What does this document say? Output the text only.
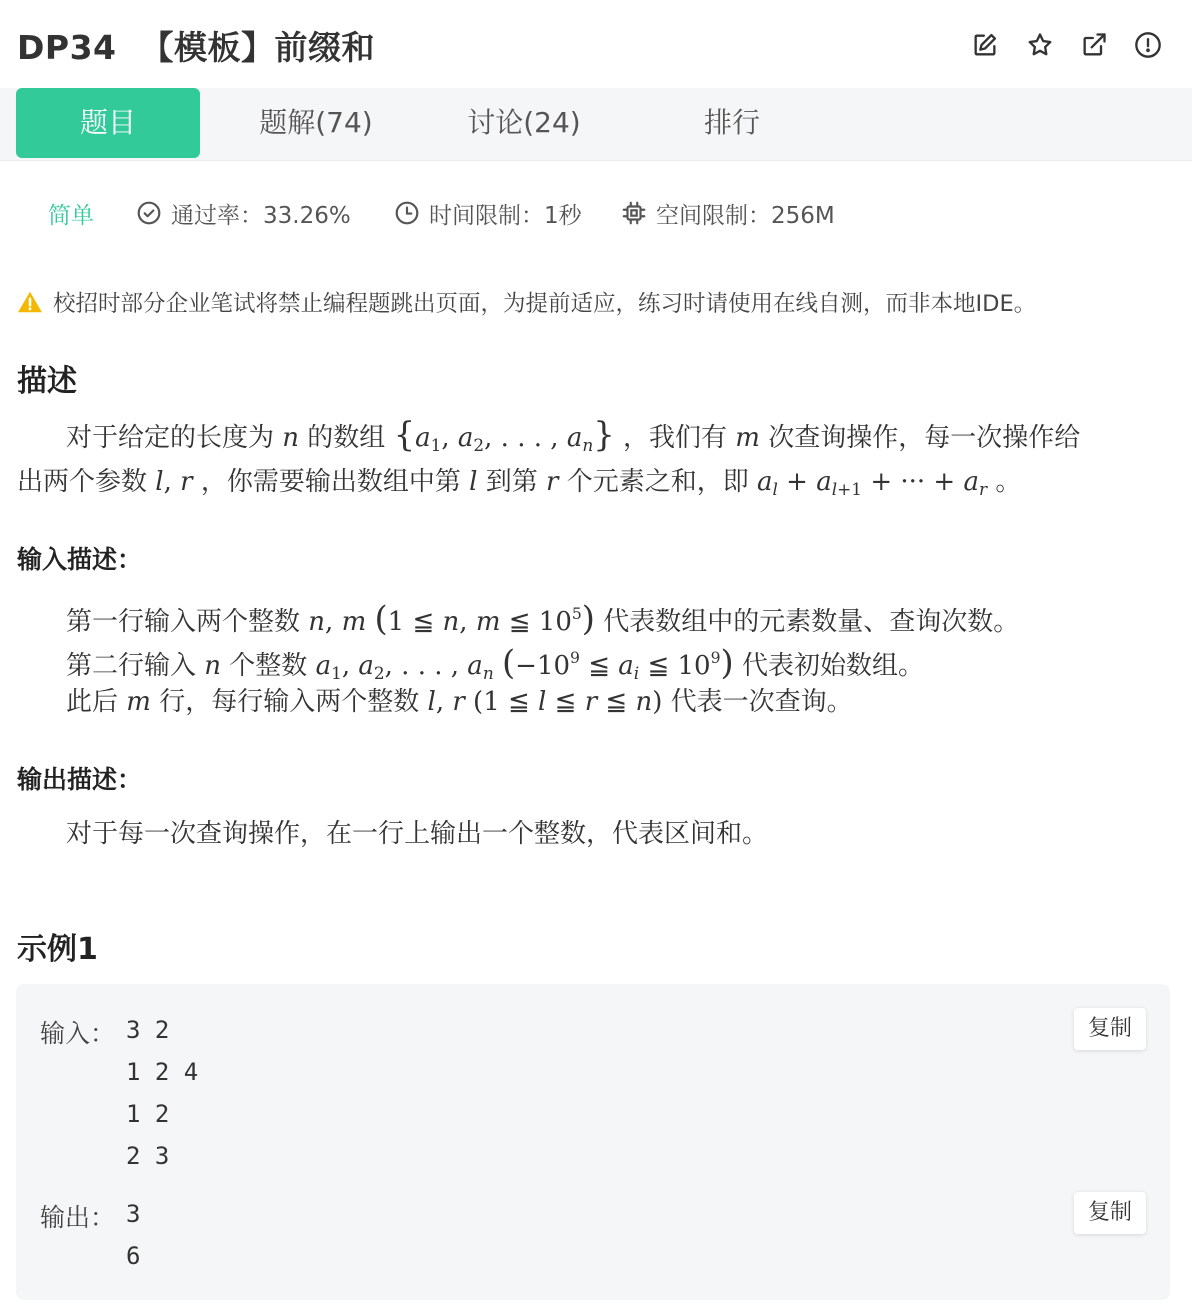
DP34  【模板】前缀和
题目	题解(74)	讨论(24)	排行
简单	通过率：33.26%	时间限制：1秒	空间限制：256M
校招时部分企业笔试将禁止编程题跳出页面，为提前适应，练习时请使用在线自测，而非本地IDE。
描述
对于给定的长度为 n 的数组 {$a_1$, $a_2$, . . . , $a_n$} ，我们有 m 次查询操作，每一次操作给
出两个参数 l, r ，你需要输出数组中第 l 到第 r 个元素之和，即 $a_l + a_{l+1}$ + ··· + $a_r$ 。
输入描述：
第一行输入两个整数 n, m (1 ≦ n, m ≦ $10^5$) 代表数组中的元素数量、查询次数。
第二行输入 n 个整数 $a_1$, $a_2$, . . . , $a_n$ ($-10^9$ ≦ $a_i$ ≦ $10^9$) 代表初始数组。
此后 m 行，每行输入两个整数 l, r (1 ≦ l ≦ r ≦ n) 代表一次查询。
输出描述：
对于每一次查询操作，在一行上输出一个整数，代表区间和。
示例1
输入： 3 2
1 2 4
1 2
2 3
复制
输出： 3
6
复制
